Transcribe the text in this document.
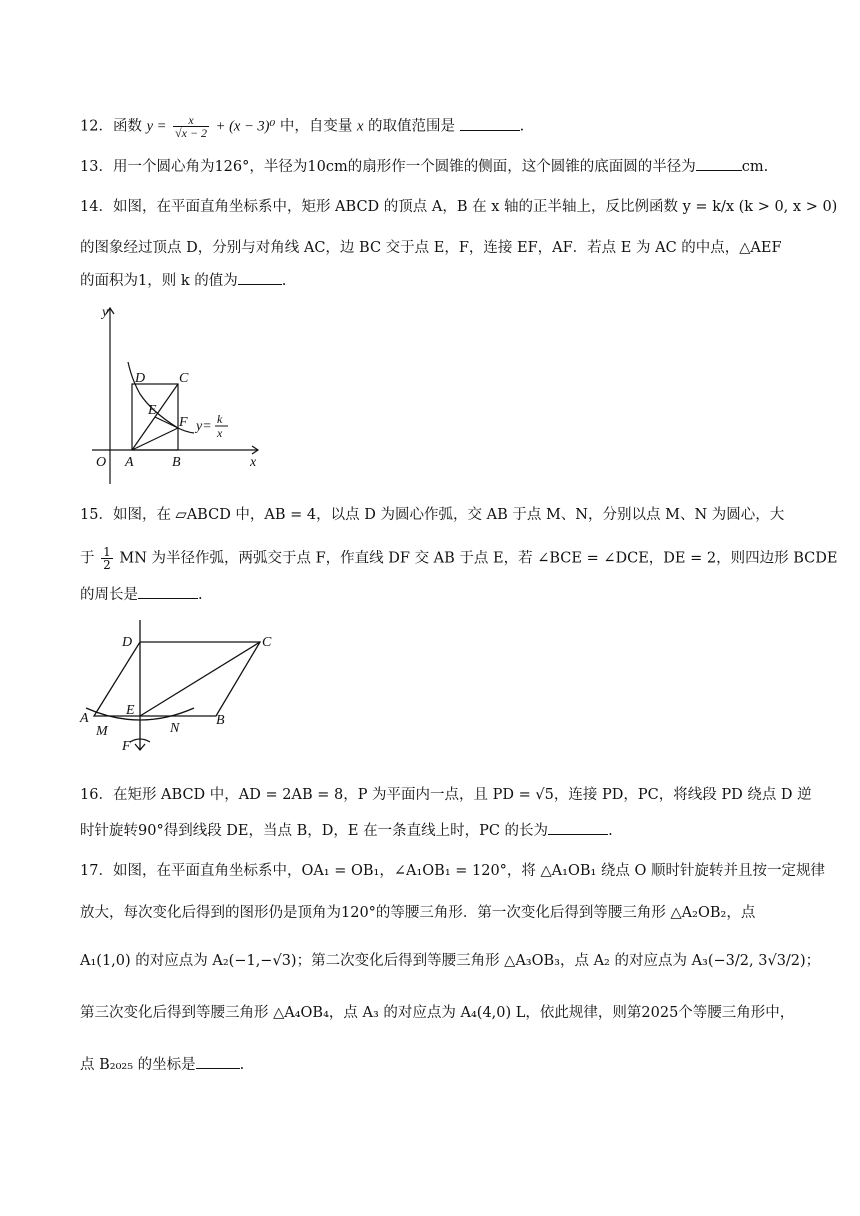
12．函数 $y = \frac{x}{√x - 2} + (x - 3)^0$ 中，自变量 x 的取值范围是	.
13．用一个圆心角为126°，半径为10cm的扇形作一个圆锥的侧面，这个圆锥的底面圆的半径为	cm.
14．如图，在平面直角坐标系中，矩形 ABCD 的顶点 A，B 在 x 轴的正半轴上，反比例函数 y = k/x (k > 0, x > 0)
的图象经过顶点 D，分别与对角线 AC，边 BC 交于点 E，F，连接 EF，AF．若点 E 为 AC 的中点，△AEF
的面积为1，则 k 的值为	.
y
x
O A	B
C
D
E
F y= k
x
15．如图，在 ▱ABCD 中，AB = 4，以点 D 为圆心作弧，交 AB 于点 M、N，分别以点 M、N 为圆心，大
于 $\frac{1}{2}$ MN 为半径作弧，两弧交于点 F，作直线 DF 交 AB 于点 E，若 ∠BCE = ∠DCE，DE = 2，则四边形 BCDE
的周长是	.
A	B
C
D
E
F
M	N
16．在矩形 ABCD 中，AD = 2AB = 8，P 为平面内一点，且 PD = √5，连接 PD，PC，将线段 PD 绕点 D 逆
时针旋转90°得到线段 DE，当点 B，D，E 在一条直线上时，PC 的长为	.
17．如图，在平面直角坐标系中，OA₁ = OB₁，∠A₁OB₁ = 120°，将 △A₁OB₁ 绕点 O 顺时针旋转并且按一定规律
放大，每次变化后得到的图形仍是顶角为120°的等腰三角形．第一次变化后得到等腰三角形 △A₂OB₂，点
A₁(1,0) 的对应点为 A₂(−1,−√3)；第二次变化后得到等腰三角形 △A₃OB₃，点 A₂ 的对应点为 A₃(−3/2, 3√3/2)；
第三次变化后得到等腰三角形 △A₄OB₄，点 A₃ 的对应点为 A₄(4,0) L，依此规律，则第2025个等腰三角形中，
点 B₂₀₂₅ 的坐标是	.
